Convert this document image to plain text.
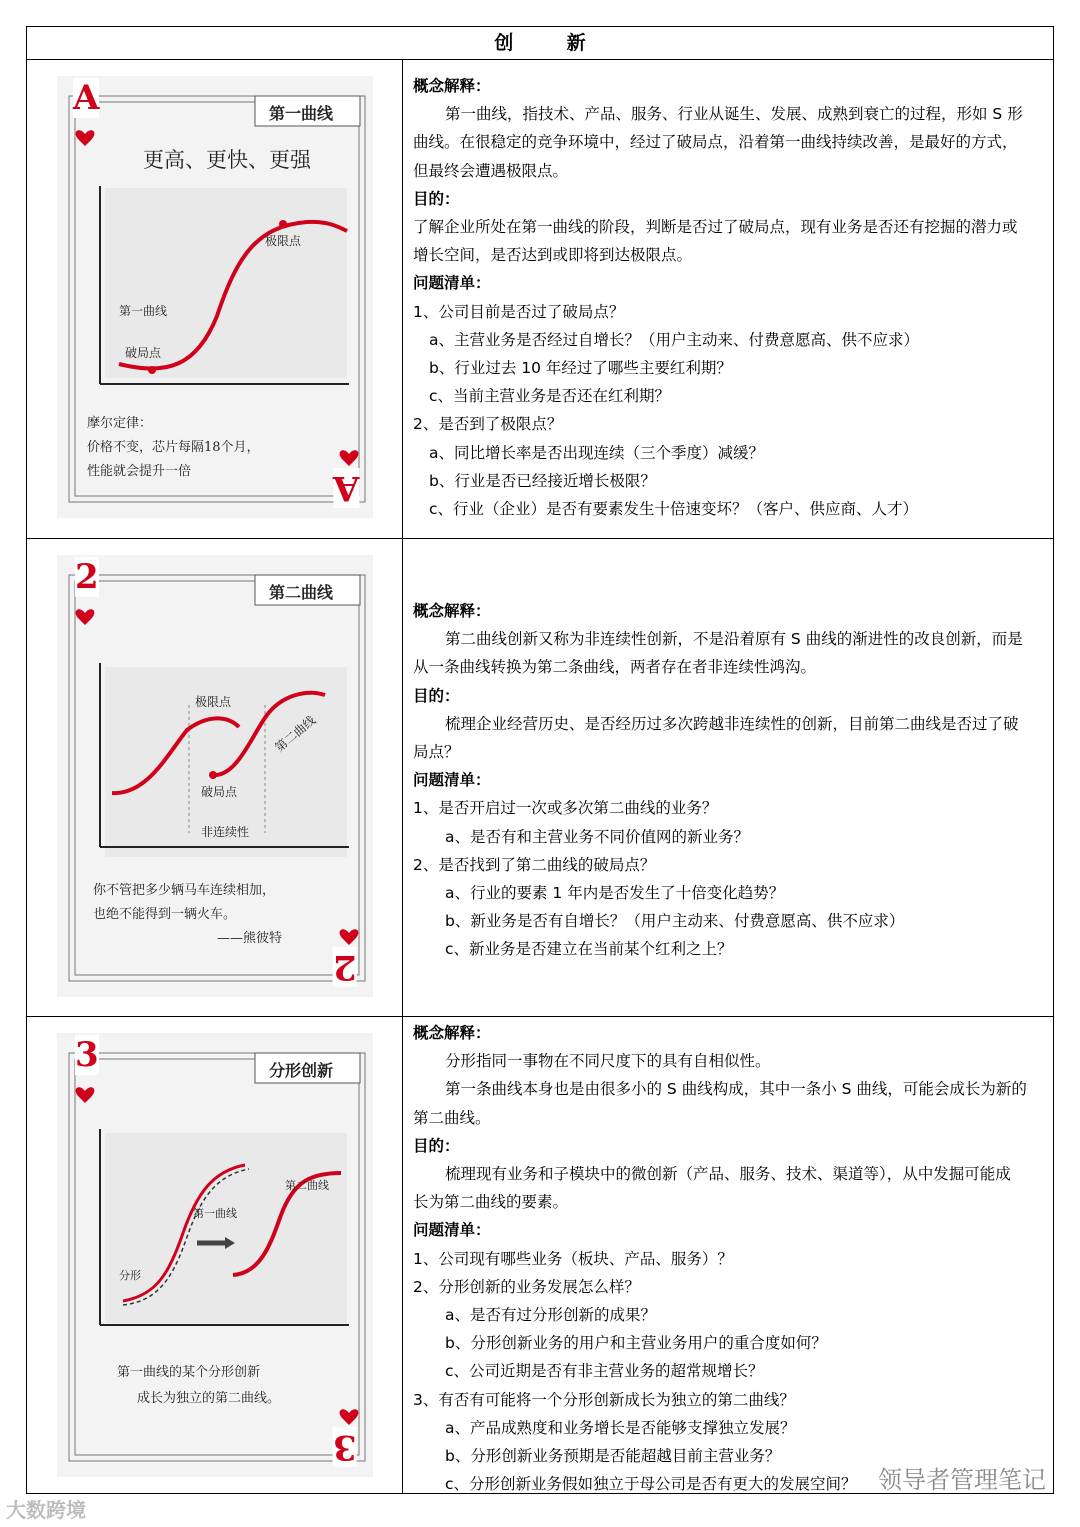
创	新
A
A
第一曲线
更高、更快、更强
第一曲线
极限点
破局点
摩尔定律：
价格不变，芯片每隔18个月，
性能就会提升一倍
概念解释：
第一曲线，指技术、产品、服务、行业从诞生、发展、成熟到衰亡的过程，形如 S 形
曲线。在很稳定的竞争环境中，经过了破局点，沿着第一曲线持续改善，是最好的方式，
但最终会遭遇极限点。
目的：
了解企业所处在第一曲线的阶段，判断是否过了破局点，现有业务是否还有挖掘的潜力或
增长空间，是否达到或即将到达极限点。
问题清单：
1、公司目前是否过了破局点？
a、主营业务是否经过自增长？（用户主动来、付费意愿高、供不应求）
b、行业过去 10 年经过了哪些主要红利期？
c、当前主营业务是否还在红利期？
2、是否到了极限点？
a、同比增长率是否出现连续（三个季度）减缓？
b、行业是否已经接近增长极限？
c、行业（企业）是否有要素发生十倍速变坏？（客户、供应商、人才）
2
2
第二曲线
极限点
破局点
第二曲线
非连续性
你不管把多少辆马车连续相加，
也绝不能得到一辆火车。
——熊彼特
概念解释：
第二曲线创新又称为非连续性创新，不是沿着原有 S 曲线的渐进性的改良创新，而是
从一条曲线转换为第二条曲线，两者存在者非连续性鸿沟。
目的：
梳理企业经营历史、是否经历过多次跨越非连续性的创新，目前第二曲线是否过了破
局点？
问题清单：
1、是否开启过一次或多次第二曲线的业务？
a、是否有和主营业务不同价值网的新业务？
2、是否找到了第二曲线的破局点？
a、行业的要素 1 年内是否发生了十倍变化趋势？
b、新业务是否有自增长？（用户主动来、付费意愿高、供不应求）
c、新业务是否建立在当前某个红利之上？
3
3
分形创新
分形
第一曲线
第二曲线
第一曲线的某个分形创新
成长为独立的第二曲线。
概念解释：
分形指同一事物在不同尺度下的具有自相似性。
第一条曲线本身也是由很多小的 S 曲线构成，其中一条小 S 曲线，可能会成长为新的
第二曲线。
目的：
梳理现有业务和子模块中的微创新（产品、服务、技术、渠道等），从中发掘可能成
长为第二曲线的要素。
问题清单：
1、公司现有哪些业务（板块、产品、服务）？
2、分形创新的业务发展怎么样？
a、是否有过分形创新的成果？
b、分形创新业务的用户和主营业务用户的重合度如何？
c、公司近期是否有非主营业务的超常规增长？
3、有否有可能将一个分形创新成长为独立的第二曲线？
a、产品成熟度和业务增长是否能够支撑独立发展？
b、分形创新业务预期是否能超越目前主营业务？
c、分形创新业务假如独立于母公司是否有更大的发展空间？
大数跨境
领导者管理笔记
